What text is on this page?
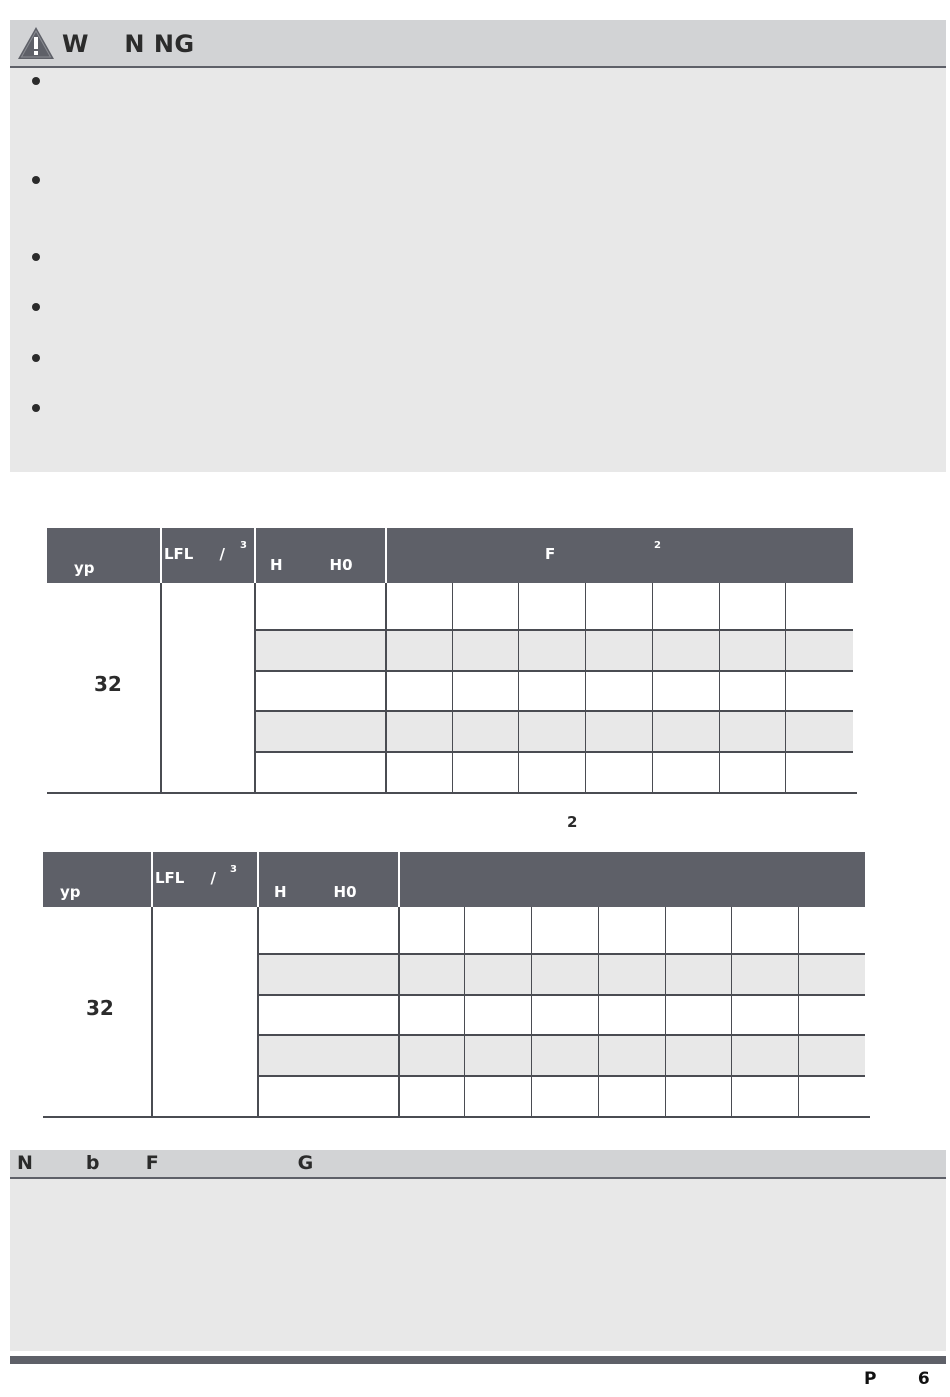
W    N NG
yp
LFL     / 3
H         H0
F	2
32
2
yp
LFL     / 3
H         H0
32
N        b       F                     G
P       6
